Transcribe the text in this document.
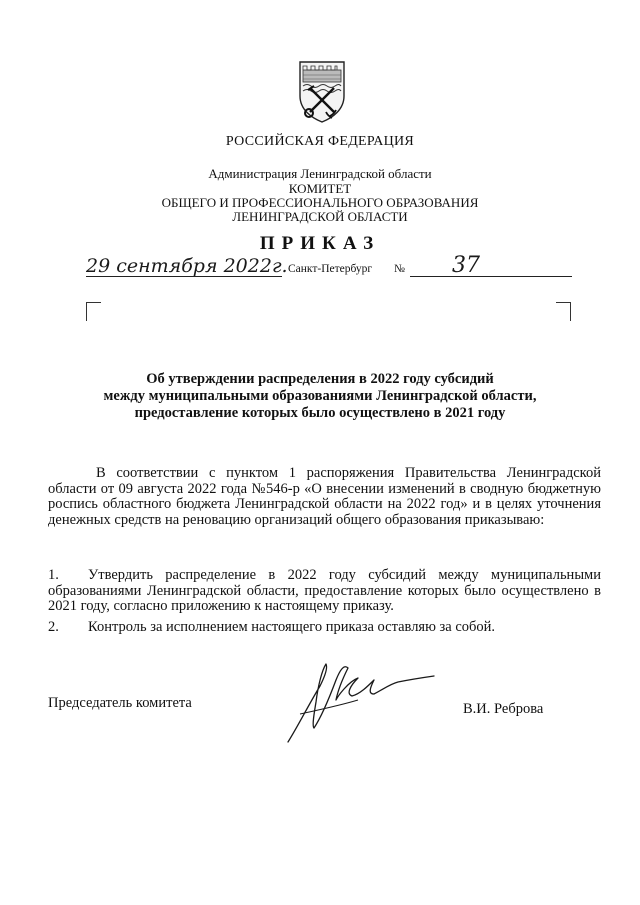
РОССИЙСКАЯ ФЕДЕРАЦИЯ
Администрация Ленинградской области
КОМИТЕТ
ОБЩЕГО И ПРОФЕССИОНАЛЬНОГО ОБРАЗОВАНИЯ
ЛЕНИНГРАДСКОЙ ОБЛАСТИ
ПРИКАЗ
29 сентября 2022г. Санкт-Петербург № 37
Об утверждении распределения в 2022 году субсидий
между муниципальными образованиями Ленинградской области,
предоставление которых было осуществлено в 2021 году
В соответствии с пунктом 1 распоряжения Правительства Ленинградской области от 09 августа 2022 года №546-р «О внесении изменений в сводную бюджетную роспись областного бюджета Ленинградской области на 2022 год» и в целях уточнения денежных средств на реновацию организаций общего образования приказываю:
1.	Утвердить распределение в 2022 году субсидий между муниципальными образованиями Ленинградской области, предоставление которых было осуществлено в 2021 году, согласно приложению к настоящему приказу.
2. Контроль за исполнением настоящего приказа оставляю за собой.
Председатель комитета	В.И. Реброва
